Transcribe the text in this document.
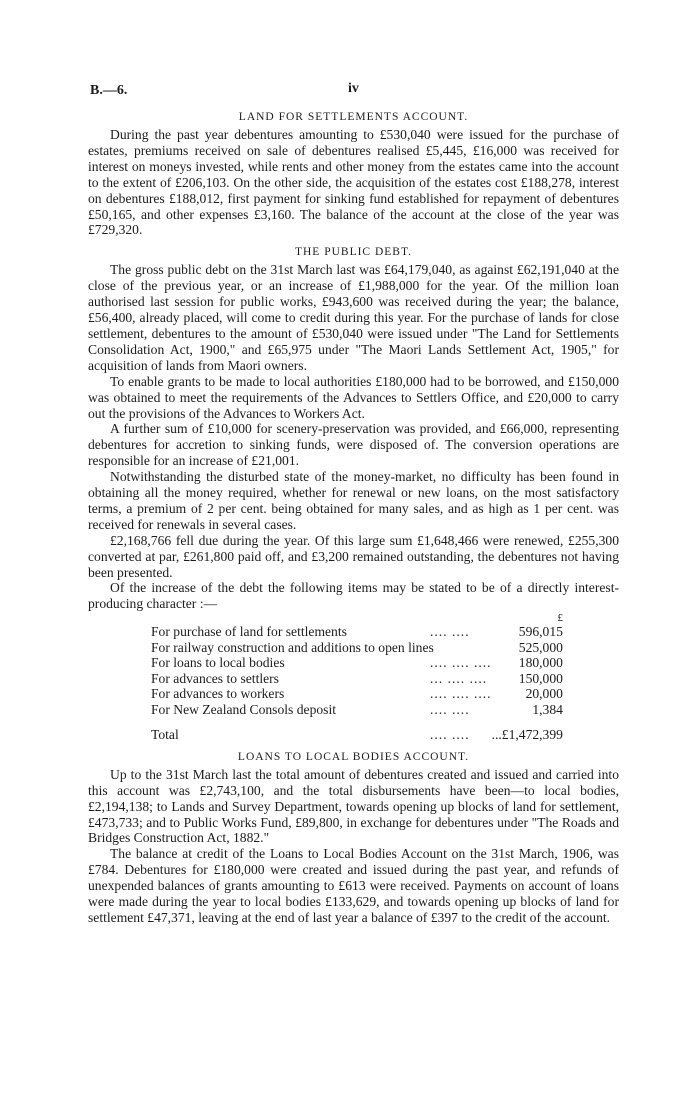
B.—6.	iv
LAND FOR SETTLEMENTS ACCOUNT.

During the past year debentures amounting to £530,040 were issued for the purchase of estates, premiums received on sale of debentures realised £5,445, £16,000 was received for interest on moneys invested, while rents and other money from the estates came into the account to the extent of £206,103. On the other side, the acquisition of the estates cost £188,278, interest on debentures £188,012, first payment for sinking fund established for repayment of debentures £50,165, and other expenses £3,160. The balance of the account at the close of the year was £729,320.

THE PUBLIC DEBT.

The gross public debt on the 31st March last was £64,179,040, as against £62,191,040 at the close of the previous year, or an increase of £1,988,000 for the year. Of the million loan authorised last session for public works, £943,600 was received during the year; the balance, £56,400, already placed, will come to credit during this year. For the purchase of lands for close settlement, debentures to the amount of £530,040 were issued under "The Land for Settlements Consolidation Act, 1900," and £65,975 under "The Maori Lands Settlement Act, 1905," for acquisition of lands from Maori owners.

To enable grants to be made to local authorities £180,000 had to be borrowed, and £150,000 was obtained to meet the requirements of the Advances to Settlers Office, and £20,000 to carry out the provisions of the Advances to Workers Act.

A further sum of £10,000 for scenery-preservation was provided, and £66,000, representing debentures for accretion to sinking funds, were disposed of. The conversion operations are responsible for an increase of £21,001.

Notwithstanding the disturbed state of the money-market, no difficulty has been found in obtaining all the money required, whether for renewal or new loans, on the most satisfactory terms, a premium of 2 per cent. being obtained for many sales, and as high as 1 per cent. was received for renewals in several cases.

£2,168,766 fell due during the year. Of this large sum £1,648,466 were renewed, £255,300 converted at par, £261,800 paid off, and £3,200 remained outstanding, the debentures not having been presented.

Of the increase of the debt the following items may be stated to be of a directly interest-producing character :—

		£
For purchase of land for settlements	.... ....	596,015
For railway construction and additions to open lines		525,000
For loans to local bodies	.... .... ....	180,000
For advances to settlers	... .... ....	150,000
For advances to workers	.... .... ....	20,000
For New Zealand Consols deposit	.... ....	1,384
Total	.... ....	...£1,472,399
LOANS TO LOCAL BODIES ACCOUNT.

Up to the 31st March last the total amount of debentures created and issued and carried into this account was £2,743,100, and the total disbursements have been—to local bodies, £2,194,138; to Lands and Survey Department, towards opening up blocks of land for settlement, £473,733; and to Public Works Fund, £89,800, in exchange for debentures under "The Roads and Bridges Construction Act, 1882."

The balance at credit of the Loans to Local Bodies Account on the 31st March, 1906, was £784. Debentures for £180,000 were created and issued during the past year, and refunds of unexpended balances of grants amounting to £613 were received. Payments on account of loans were made during the year to local bodies £133,629, and towards opening up blocks of land for settlement £47,371, leaving at the end of last year a balance of £397 to the credit of the account.
